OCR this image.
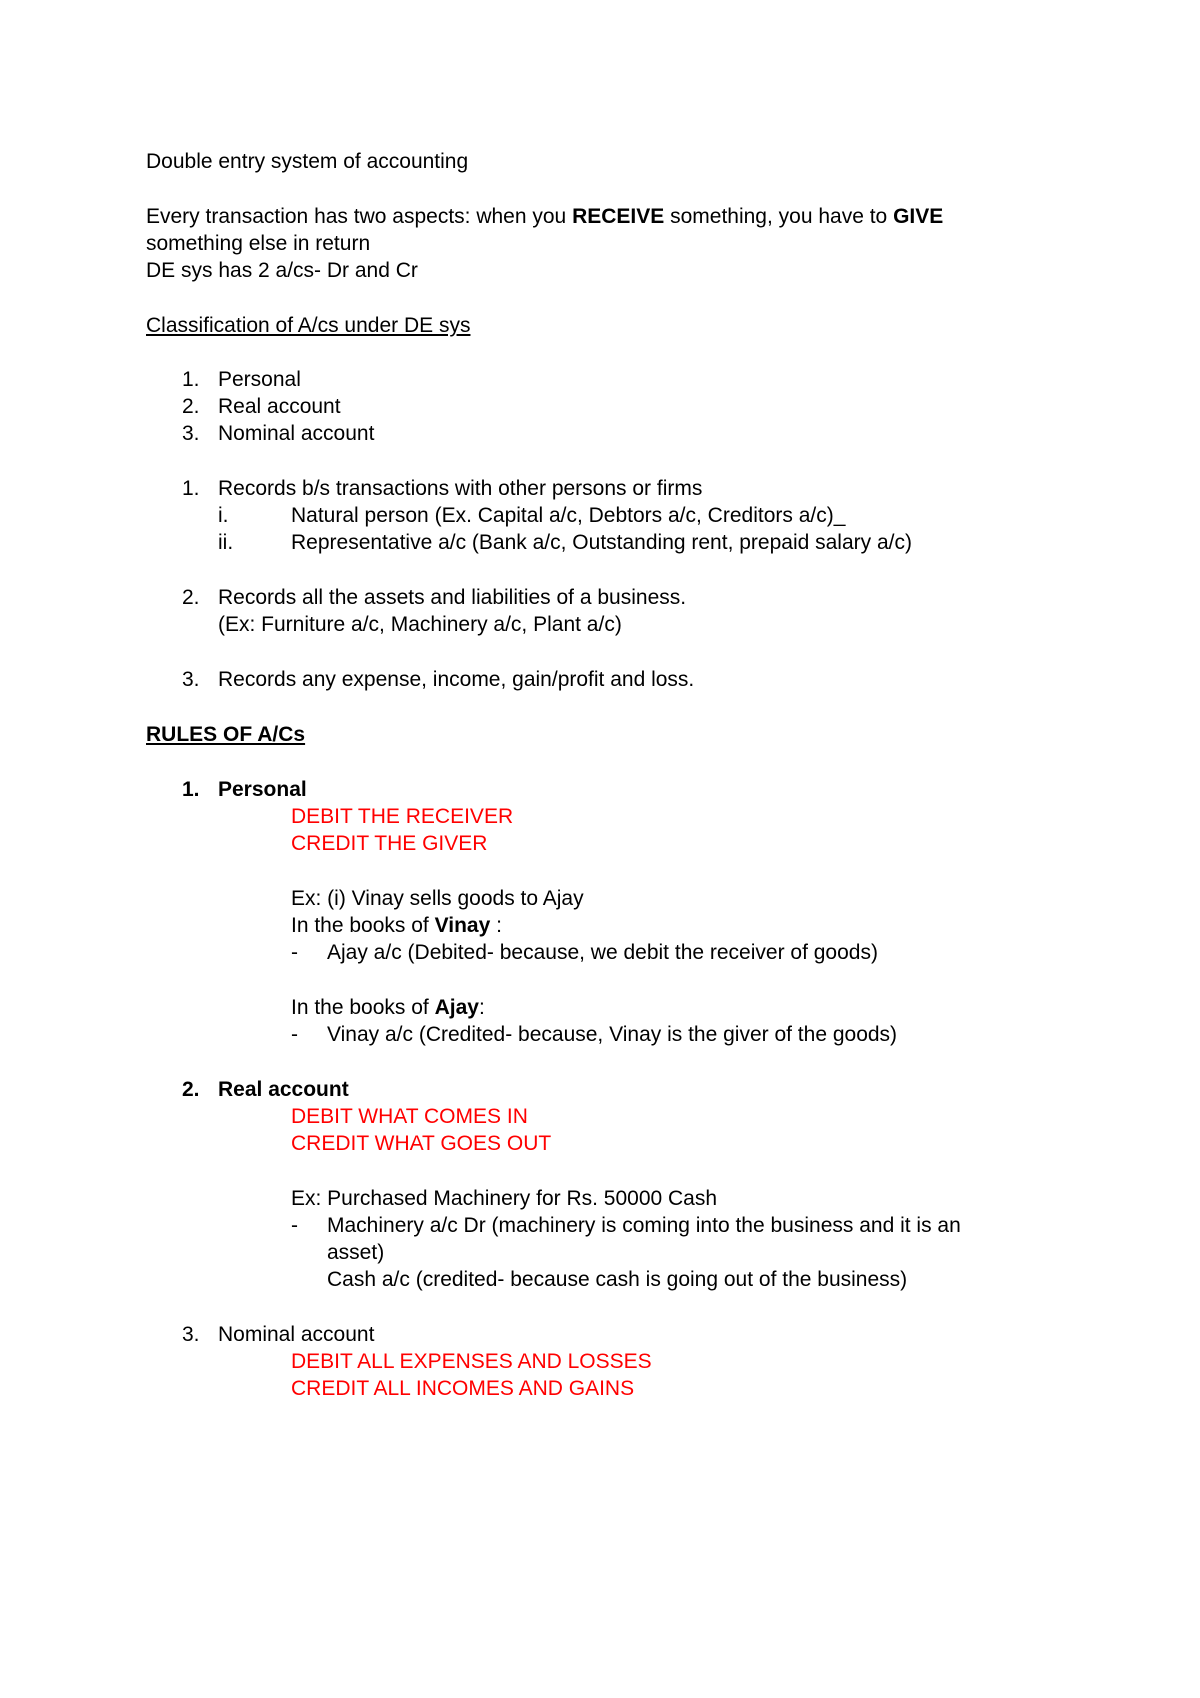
Double entry system of accounting
Every transaction has two aspects: when you RECEIVE something, you have to GIVE
something else in return
DE sys has 2 a/cs- Dr and Cr
Classification of A/cs under DE sys
1. Personal
2. Real account
3. Nominal account
1. Records b/s transactions with other persons or firms
i.	Natural person (Ex. Capital a/c, Debtors a/c, Creditors a/c)_
ii.	Representative a/c (Bank a/c, Outstanding rent, prepaid salary a/c)
2. Records all the assets and liabilities of a business.
(Ex: Furniture a/c, Machinery a/c, Plant a/c)
3. Records any expense, income, gain/profit and loss.
RULES OF A/Cs
1. Personal
DEBIT THE RECEIVER
CREDIT THE GIVER
Ex: (i) Vinay sells goods to Ajay
In the books of Vinay :
- Ajay a/c (Debited- because, we debit the receiver of goods)
In the books of Ajay:
- Vinay a/c (Credited- because, Vinay is the giver of the goods)
2. Real account
DEBIT WHAT COMES IN
CREDIT WHAT GOES OUT
Ex: Purchased Machinery for Rs. 50000 Cash
- Machinery a/c Dr (machinery is coming into the business and it is an
asset)
Cash a/c (credited- because cash is going out of the business)
3. Nominal account
DEBIT ALL EXPENSES AND LOSSES
CREDIT ALL INCOMES AND GAINS
